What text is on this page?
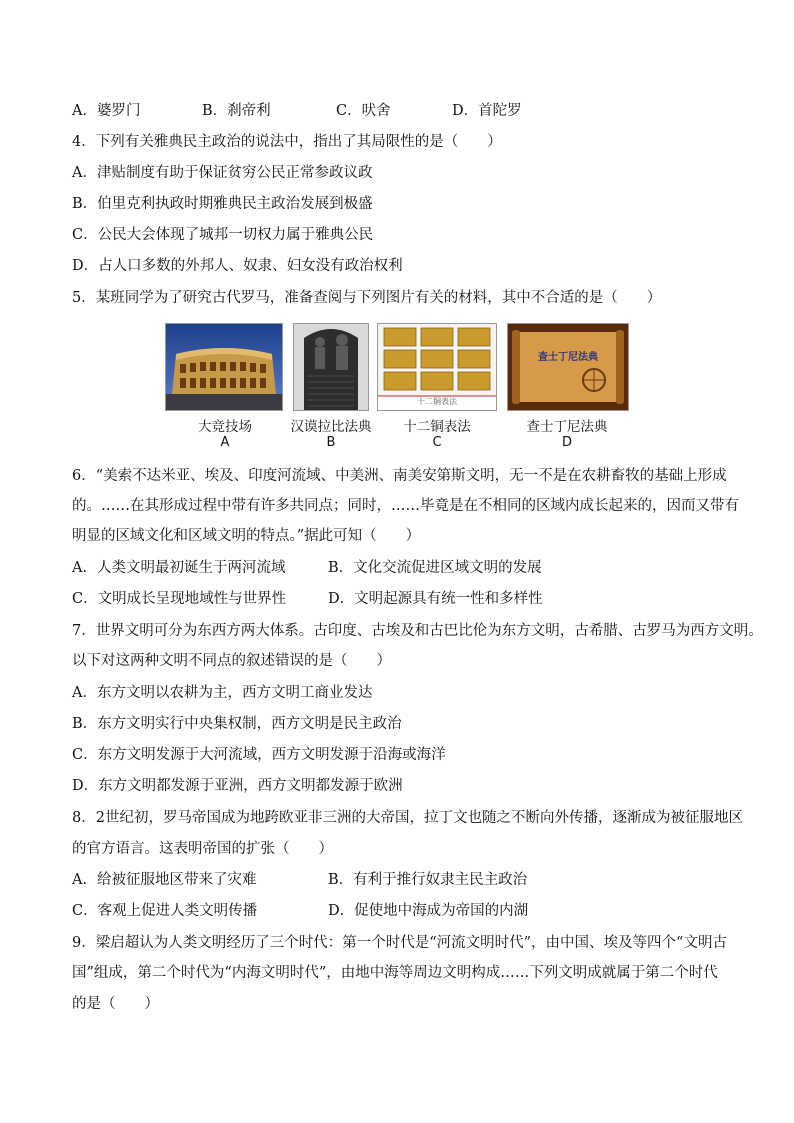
A．婆罗门	B．刹帝利	C．吠舍	D．首陀罗
4．下列有关雅典民主政治的说法中，指出了其局限性的是（　　）
A．津贴制度有助于保证贫穷公民正常参政议政
B．伯里克利执政时期雅典民主政治发展到极盛
C．公民大会体现了城邦一切权力属于雅典公民
D．占人口多数的外邦人、奴隶、妇女没有政治权利
5．某班同学为了研究古代罗马，准备查阅与下列图片有关的材料，其中不合适的是（　　）
大竞技场
A
汉谟拉比法典
B
十二铜表法
十二铜表法
C
查士丁尼法典
查士丁尼法典
D
6．“美索不达米亚、埃及、印度河流域、中美洲、南美安第斯文明，无一不是在农耕畜牧的基础上形成
的。……在其形成过程中带有许多共同点；同时，……毕竟是在不相同的区域内成长起来的，因而又带有
明显的区域文化和区域文明的特点。”据此可知（　　）
A．人类文明最初诞生于两河流域	B．文化交流促进区域文明的发展
C．文明成长呈现地域性与世界性	D．文明起源具有统一性和多样性
7．世界文明可分为东西方两大体系。古印度、古埃及和古巴比伦为东方文明，古希腊、古罗马为西方文明。
以下对这两种文明不同点的叙述错误的是（　　）
A．东方文明以农耕为主，西方文明工商业发达
B．东方文明实行中央集权制，西方文明是民主政治
C．东方文明发源于大河流域，西方文明发源于沿海或海洋
D．东方文明都发源于亚洲，西方文明都发源于欧洲
8．2世纪初，罗马帝国成为地跨欧亚非三洲的大帝国，拉丁文也随之不断向外传播，逐渐成为被征服地区
的官方语言。这表明帝国的扩张（　　）
A．给被征服地区带来了灾难	B．有利于推行奴隶主民主政治
C．客观上促进人类文明传播	D．促使地中海成为帝国的内湖
9．梁启超认为人类文明经历了三个时代：第一个时代是“河流文明时代”，由中国、埃及等四个“文明古
国”组成，第二个时代为“内海文明时代”，由地中海等周边文明构成……下列文明成就属于第二个时代
的是（　　）
